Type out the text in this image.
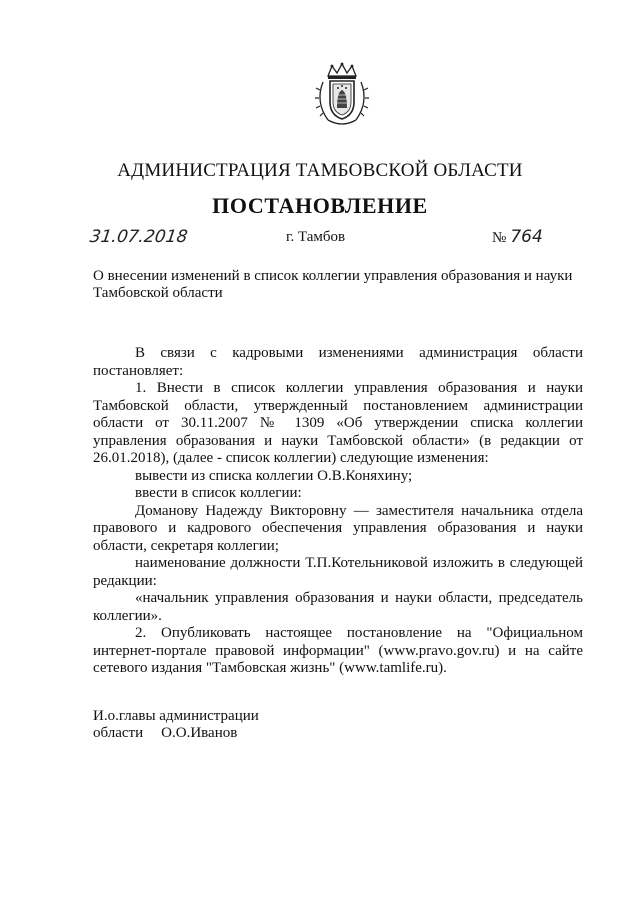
АДМИНИСТРАЦИЯ ТАМБОВСКОЙ ОБЛАСТИ
ПОСТАНОВЛЕНИЕ
31.07.2018	г. Тамбов	№ 764
О внесении изменений в список коллегии управления образования и науки Тамбовской области

В связи с кадровыми изменениями администрация области постановляет:

1. Внести в список коллегии управления образования и науки Тамбовской области, утвержденный постановлением администрации области от 30.11.2007 № 1309 «Об утверждении списка коллегии управления образования и науки Тамбовской области» (в редакции от 26.01.2018), (далее - список коллегии) следующие изменения:

вывести из списка коллегии О.В.Коняхину;

ввести в список коллегии:

Доманову Надежду Викторовну — заместителя начальника отдела правового и кадрового обеспечения управления образования и науки области, секретаря коллегии;

наименование должности Т.П.Котельниковой изложить в следующей редакции:

«начальник управления образования и науки области, председатель коллегии».

2. Опубликовать настоящее постановление на "Официальном интернет-портале правовой информации" (www.pravo.gov.ru) и на сайте сетевого издания "Тамбовская жизнь" (www.tamlife.ru).

И.о.главы администрации
области О.О.Иванов
